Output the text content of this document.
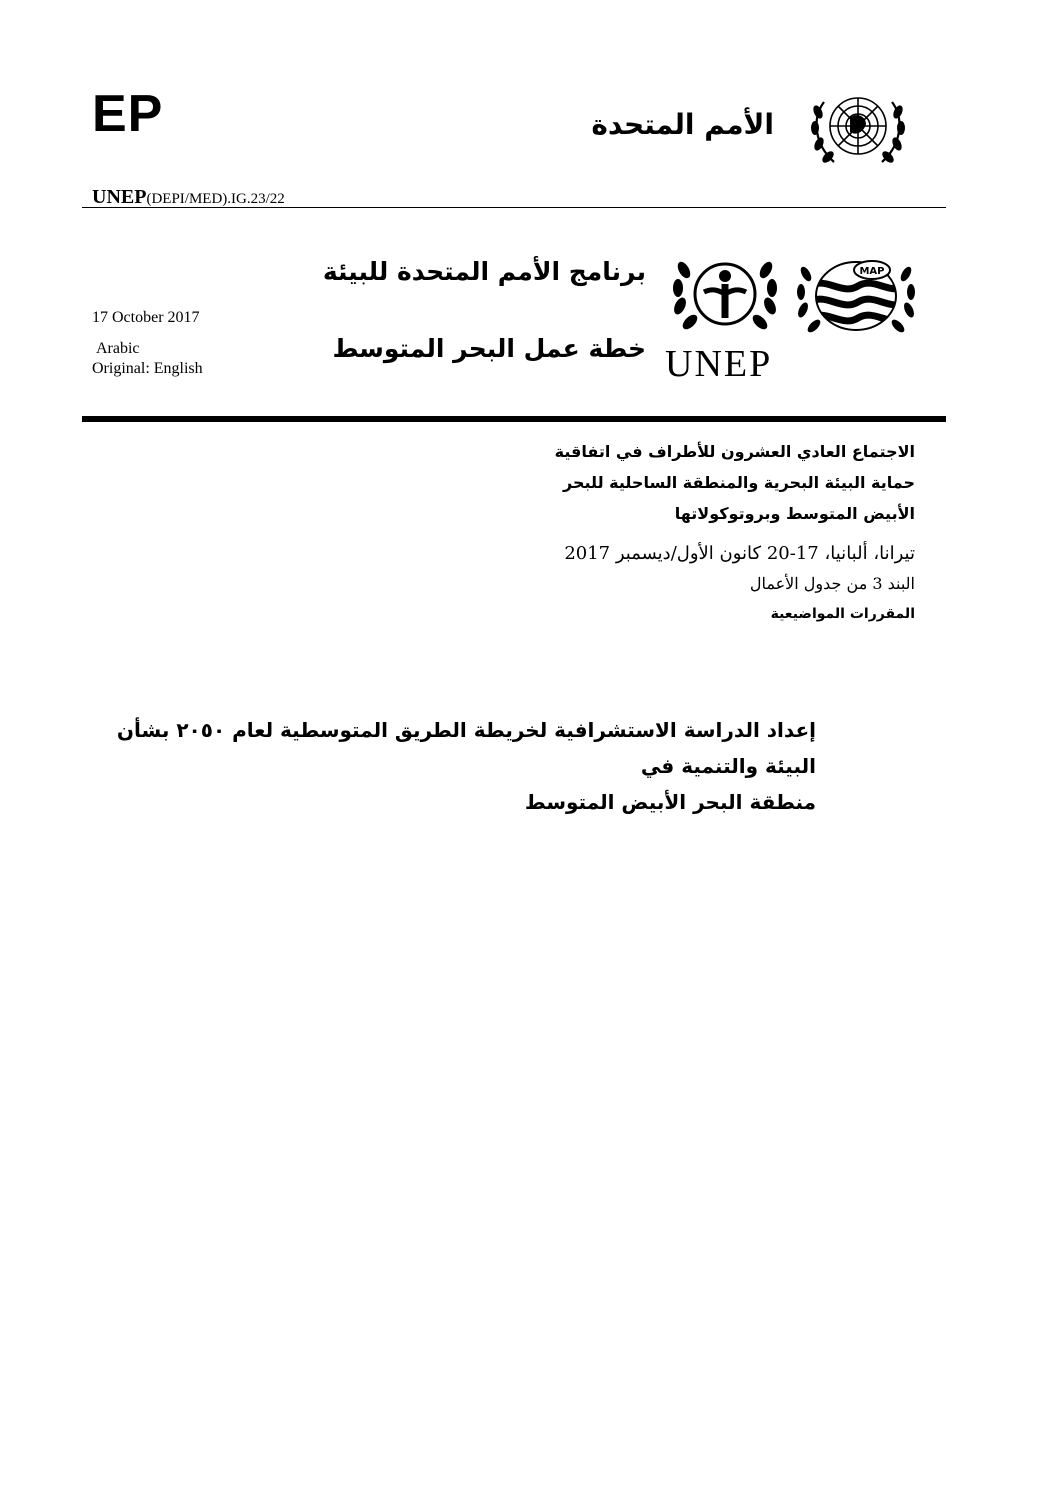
EP	الأمم المتحدة
UNEP(DEPI/MED).IG.23/22
برنامج الأمم المتحدة للبيئة
خطة عمل البحر المتوسط UNEP
MAP
17 October 2017
Arabic
Original: English
الاجتماع العادي العشرون للأطراف في اتفاقية
حماية البيئة البحرية والمنطقة الساحلية للبحر
الأبيض المتوسط وبروتوكولاتها
تيرانا، ألبانيا، 17-20 كانون الأول/ديسمبر 2017
البند 3 من جدول الأعمال
المقررات المواضيعية
إعداد الدراسة الاستشرافية لخريطة الطريق المتوسطية لعام ٢٠٥٠ بشأن البيئة والتنمية في
منطقة البحر الأبيض المتوسط
